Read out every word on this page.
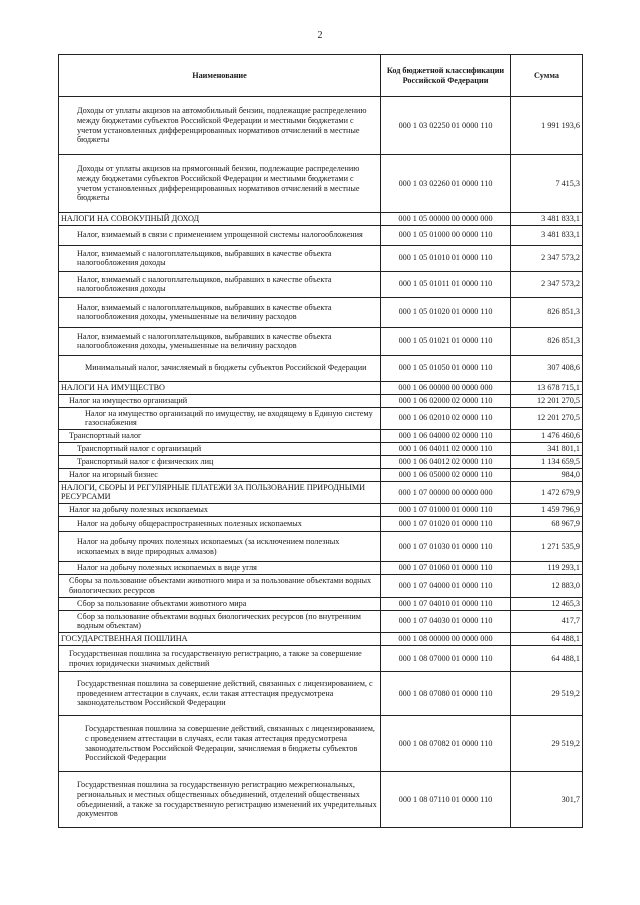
2
Наименование	Код бюджетной классификации Российской Федерации	Сумма
Доходы от уплаты акцизов на автомобильный бензин, подлежащие распределению между бюджетами субъектов Российской Федерации и местными бюджетами с учетом установленных дифференцированных нормативов отчислений в местные бюджеты	000 1 03 02250 01 0000 110	1 991 193,6
Доходы от уплаты акцизов на прямогонный бензин, подлежащие распределению между бюджетами субъектов Российской Федерации и местными бюджетами с учетом установленных дифференцированных нормативов отчислений в местные бюджеты	000 1 03 02260 01 0000 110	7 415,3
НАЛОГИ НА СОВОКУПНЫЙ ДОХОД	000 1 05 00000 00 0000 000	3 481 833,1
Налог, взимаемый в связи с применением упрощенной системы налогообложения	000 1 05 01000 00 0000 110	3 481 833,1
Налог, взимаемый с налогоплательщиков, выбравших в качестве объекта налогообложения доходы	000 1 05 01010 01 0000 110	2 347 573,2
Налог, взимаемый с налогоплательщиков, выбравших в качестве объекта налогообложения доходы	000 1 05 01011 01 0000 110	2 347 573,2
Налог, взимаемый с налогоплательщиков, выбравших в качестве объекта налогообложения доходы, уменьшенные на величину расходов	000 1 05 01020 01 0000 110	826 851,3
Налог, взимаемый с налогоплательщиков, выбравших в качестве объекта налогообложения доходы, уменьшенные на величину расходов	000 1 05 01021 01 0000 110	826 851,3
Минимальный налог, зачисляемый в бюджеты субъектов Российской Федерации	000 1 05 01050 01 0000 110	307 408,6
НАЛОГИ НА ИМУЩЕСТВО	000 1 06 00000 00 0000 000	13 678 715,1
Налог на имущество организаций	000 1 06 02000 02 0000 110	12 201 270,5
Налог на имущество организаций по имуществу, не входящему в Единую систему газоснабжения	000 1 06 02010 02 0000 110	12 201 270,5
Транспортный налог	000 1 06 04000 02 0000 110	1 476 460,6
Транспортный налог с организаций	000 1 06 04011 02 0000 110	341 801,1
Транспортный налог с физических лиц	000 1 06 04012 02 0000 110	1 134 659,5
Налог на игорный бизнес	000 1 06 05000 02 0000 110	984,0
НАЛОГИ, СБОРЫ И РЕГУЛЯРНЫЕ ПЛАТЕЖИ ЗА ПОЛЬЗОВАНИЕ ПРИРОДНЫМИ РЕСУРСАМИ	000 1 07 00000 00 0000 000	1 472 679,9
Налог на добычу полезных ископаемых	000 1 07 01000 01 0000 110	1 459 796,9
Налог на добычу общераспространенных полезных ископаемых	000 1 07 01020 01 0000 110	68 967,9
Налог на добычу прочих полезных ископаемых (за исключением полезных ископаемых в виде природных алмазов)	000 1 07 01030 01 0000 110	1 271 535,9
Налог на добычу полезных ископаемых в виде угля	000 1 07 01060 01 0000 110	119 293,1
Сборы за пользование объектами животного мира и за пользование объектами водных биологических ресурсов	000 1 07 04000 01 0000 110	12 883,0
Сбор за пользование объектами животного мира	000 1 07 04010 01 0000 110	12 465,3
Сбор за пользование объектами водных биологических ресурсов (по внутренним водным объектам)	000 1 07 04030 01 0000 110	417,7
ГОСУДАРСТВЕННАЯ ПОШЛИНА	000 1 08 00000 00 0000 000	64 488,1
Государственная пошлина за государственную регистрацию, а также за совершение прочих юридически значимых действий	000 1 08 07000 01 0000 110	64 488,1
Государственная пошлина за совершение действий, связанных с лицензированием, с проведением аттестации в случаях, если такая аттестация предусмотрена законодательством Российской Федерации	000 1 08 07080 01 0000 110	29 519,2
Государственная пошлина за совершение действий, связанных с лицензированием, с проведением аттестации в случаях, если такая аттестация предусмотрена законодательством Российской Федерации, зачисляемая в бюджеты субъектов Российской Федерации	000 1 08 07082 01 0000 110	29 519,2
Государственная пошлина за государственную регистрацию межрегиональных, региональных и местных общественных объединений, отделений общественных объединений, а также за государственную регистрацию изменений их учредительных документов	000 1 08 07110 01 0000 110	301,7
